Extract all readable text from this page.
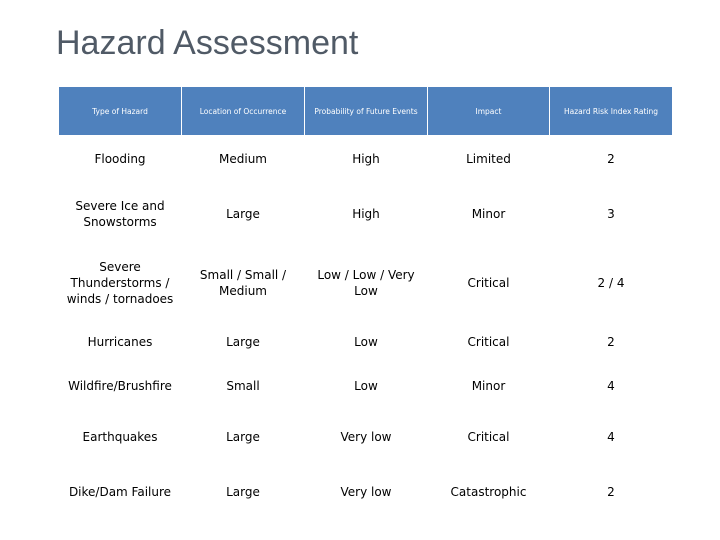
Hazard Assessment
Type of Hazard	Location of Occurrence	Probability of Future Events	Impact	Hazard Risk Index Rating
Flooding	Medium	High	Limited	2
Severe Ice and Snowstorms	Large	High	Minor	3
Severe Thunderstorms / winds / tornadoes	Small / Small / Medium	Low / Low / Very Low	Critical	2 / 4
Hurricanes	Large	Low	Critical	2
Wildfire/Brushfire	Small	Low	Minor	4
Earthquakes	Large	Very low	Critical	4
Dike/Dam Failure	Large	Very low	Catastrophic	2
